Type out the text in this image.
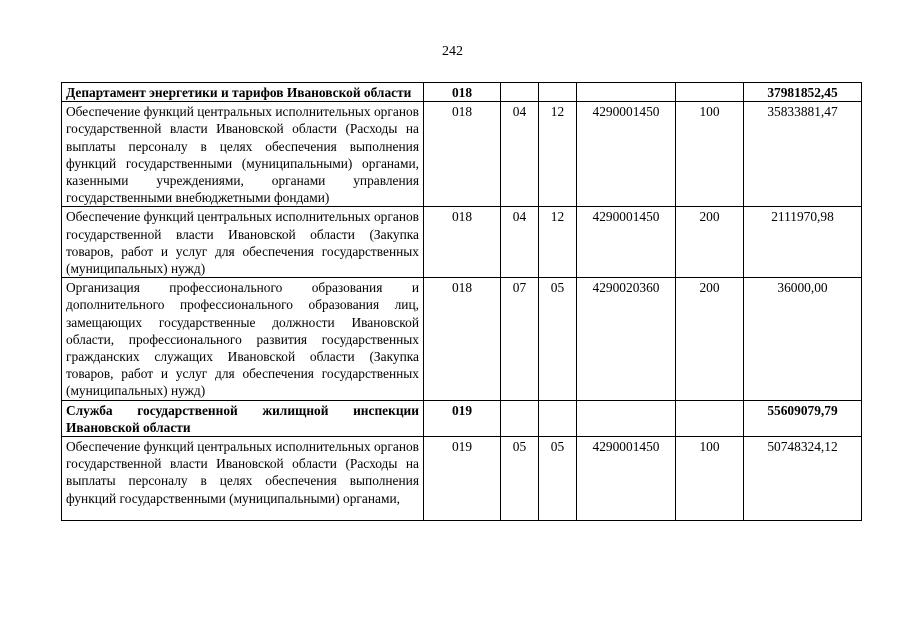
242
Департамент энергетики и тарифов Ивановской области	018					37981852,45
Обеспечение функций центральных исполнительных органов государственной власти Ивановской области (Расходы на выплаты персоналу в целях обеспечения выполнения функций государственными (муниципальными) органами, казенными учреждениями, органами управления государственными внебюджетными фондами)	018	04	12	4290001450	100	35833881,47
Обеспечение функций центральных исполнительных органов государственной власти Ивановской области (Закупка товаров, работ и услуг для обеспечения государственных (муниципальных) нужд)	018	04	12	4290001450	200	2111970,98
Организация профессионального образования и дополнительного профессионального образования лиц, замещающих государственные должности Ивановской области, профессионального развития государственных гражданских служащих Ивановской области (Закупка товаров, работ и услуг для обеспечения государственных (муниципальных) нужд)	018	07	05	4290020360	200	36000,00
Служба государственной жилищной инспекции Ивановской области	019					55609079,79

Обеспечение функций центральных исполнительных органов государственной власти Ивановской области (Расходы на выплаты персоналу в целях обеспечения выполнения функций государственными (муниципальными) органами,	019	05	05	4290001450	100	50748324,12
